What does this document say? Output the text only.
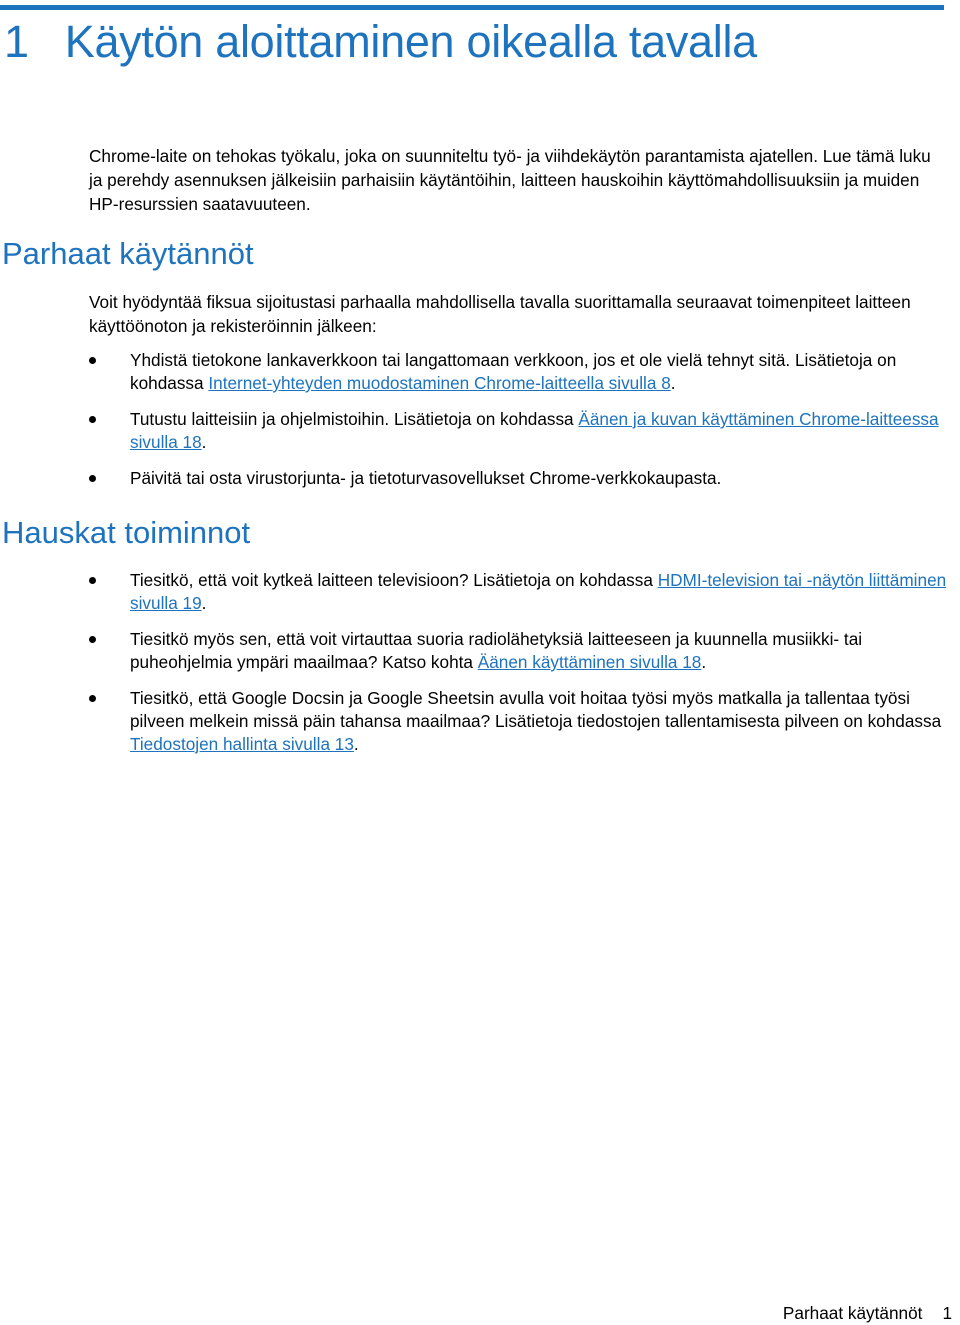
1 Käytön aloittaminen oikealla tavalla

Chrome-laite on tehokas työkalu, joka on suunniteltu työ- ja viihdekäytön parantamista ajatellen. Lue tämä luku ja perehdy asennuksen jälkeisiin parhaisiin käytäntöihin, laitteen hauskoihin käyttömahdollisuuksiin ja muiden HP-resurssien saatavuuteen.

Parhaat käytännöt

Voit hyödyntää fiksua sijoitustasi parhaalla mahdollisella tavalla suorittamalla seuraavat toimenpiteet laitteen käyttöönoton ja rekisteröinnin jälkeen:

Yhdistä tietokone lankaverkkoon tai langattomaan verkkoon, jos et ole vielä tehnyt sitä. Lisätietoja on kohdassa Internet-yhteyden muodostaminen Chrome-laitteella sivulla 8.
Tutustu laitteisiin ja ohjelmistoihin. Lisätietoja on kohdassa Äänen ja kuvan käyttäminen Chrome-laitteessa sivulla 18.
Päivitä tai osta virustorjunta- ja tietoturvasovellukset Chrome-verkkokaupasta.
Hauskat toiminnot
Tiesitkö, että voit kytkeä laitteen televisioon? Lisätietoja on kohdassa HDMI-television tai -näytön liittäminen sivulla 19.
Tiesitkö myös sen, että voit virtauttaa suoria radiolähetyksiä laitteeseen ja kuunnella musiikki- tai puheohjelmia ympäri maailmaa? Katso kohta Äänen käyttäminen sivulla 18.
Tiesitkö, että Google Docsin ja Google Sheetsin avulla voit hoitaa työsi myös matkalla ja tallentaa työsi pilveen melkein missä päin tahansa maailmaa? Lisätietoja tiedostojen tallentamisesta pilveen on kohdassa Tiedostojen hallinta sivulla 13.
Parhaat käytännöt 1
